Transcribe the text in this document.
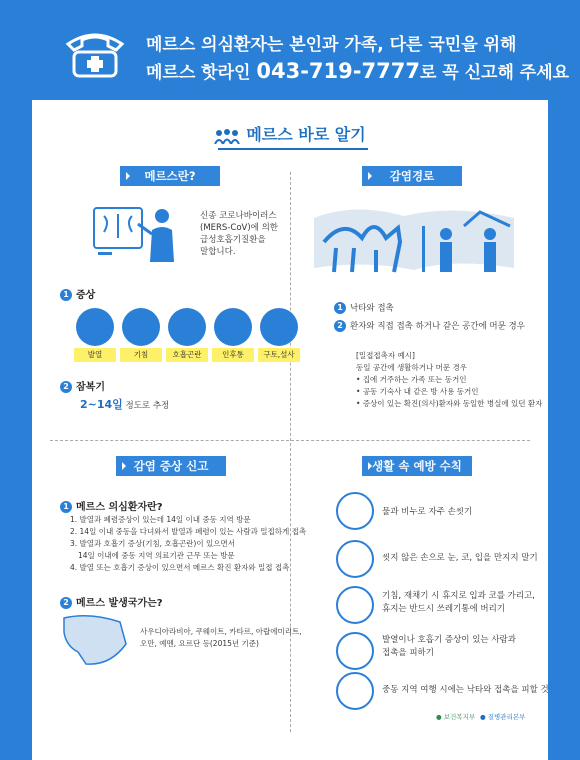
메르스 의심환자는 본인과 가족, 다른 국민을 위해
메르스 핫라인 043-719-7777로 꼭 신고해 주세요
메르스 바로 알기
메르스란?
신종 코로나바이러스
(MERS-CoV)에 의한
급성호흡기질환을
말합니다.
1 증상
발열	기침	호흡곤란	인후통	구토,설사
2 잠복기
2~14일 정도로 추정
감염경로
1 낙타와 접촉
2 환자와 직접 접촉 하거나 같은 공간에 머문 경우
[밀접접촉자 예시]
동일 공간에 생활하거나 머문 경우
• 집에 거주하는 가족 또는 동거인
• 공동 기숙사 내 같은 방 사용 동거인
• 증상이 있는 확진(의사)환자와 동일한 병실에 있던 환자
감염 증상 신고
1 메르스 의심환자란?
1. 발열과 폐렴증상이 있는데 14일 이내 중동 지역 방문
2. 14일 이내 중동을 다녀와서 발열과 폐렴이 있는 사람과 밀접하게 접촉
3. 발열과 호흡기 증상(기침, 호흡곤란)이 있으면서
14일 이내에 중동 지역 의료기관 근무 또는 방문
4. 발열 또는 호흡기 증상이 있으면서 메르스 확진 환자와 밀접 접촉
2 메르스 발생국가는?
사우디아라비아, 쿠웨이트, 카타르, 아랍에미리트,
오만, 예멘, 요르단 등(2015년 기준)
생활 속 예방 수칙
물과 비누로 자주 손씻기
씻지 않은 손으로 눈, 코, 입을 만지지 말기
기침, 재채기 시 휴지로 입과 코를 가리고,
휴지는 반드시 쓰레기통에 버리기
발열이나 호흡기 증상이 있는 사람과
접촉을 피하기
중동 지역 여행 시에는 낙타와 접촉을 피할 것
● 보건복지부 ● 질병관리본부
